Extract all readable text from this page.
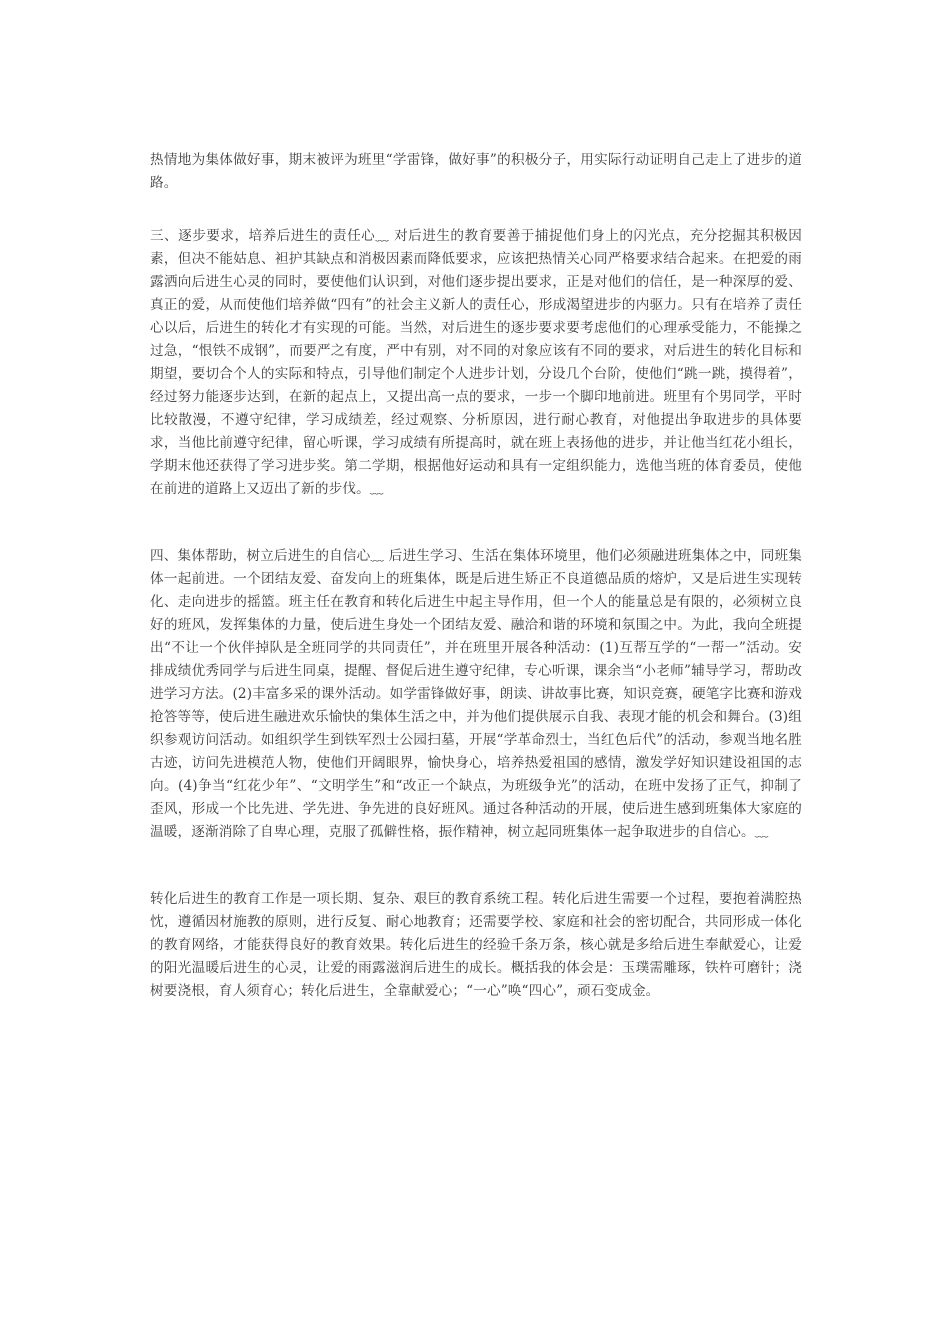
热情地为集体做好事，期末被评为班里“学雷锋，做好事”的积极分子，用实际行动证明自己走上了进步的道路。

三、逐步要求，培养后进生的责任心﹏ 对后进生的教育要善于捕捉他们身上的闪光点，充分挖掘其积极因素，但决不能姑息、袒护其缺点和消极因素而降低要求，应该把热情关心同严格要求结合起来。在把爱的雨露洒向后进生心灵的同时，要使他们认识到，对他们逐步提出要求，正是对他们的信任，是一种深厚的爱、真正的爱，从而使他们培养做“四有”的社会主义新人的责任心，形成渴望进步的内驱力。只有在培养了责任心以后，后进生的转化才有实现的可能。当然，对后进生的逐步要求要考虑他们的心理承受能力，不能操之过急，“恨铁不成钢”，而要严之有度，严中有别，对不同的对象应该有不同的要求，对后进生的转化目标和期望，要切合个人的实际和特点，引导他们制定个人进步计划，分设几个台阶，使他们“跳一跳，摸得着”，经过努力能逐步达到，在新的起点上，又提出高一点的要求，一步一个脚印地前进。班里有个男同学，平时比较散漫，不遵守纪律，学习成绩差，经过观察、分析原因，进行耐心教育，对他提出争取进步的具体要求，当他比前遵守纪律，留心听课，学习成绩有所提高时，就在班上表扬他的进步，并让他当红花小组长，学期末他还获得了学习进步奖。第二学期，根据他好运动和具有一定组织能力，选他当班的体育委员，使他在前进的道路上又迈出了新的步伐。﹏

四、集体帮助，树立后进生的自信心﹏ 后进生学习、生活在集体环境里，他们必须融进班集体之中，同班集体一起前进。一个团结友爱、奋发向上的班集体，既是后进生矫正不良道德品质的熔炉，又是后进生实现转化、走向进步的摇篮。班主任在教育和转化后进生中起主导作用，但一个人的能量总是有限的，必须树立良好的班风，发挥集体的力量，使后进生身处一个团结友爱、融洽和谐的环境和氛围之中。为此，我向全班提出“不让一个伙伴掉队是全班同学的共同责任”，并在班里开展各种活动：(1)互帮互学的“一帮一”活动。安排成绩优秀同学与后进生同桌，提醒、督促后进生遵守纪律，专心听课，课余当“小老师”辅导学习，帮助改进学习方法。(2)丰富多采的课外活动。如学雷锋做好事，朗读、讲故事比赛，知识竞赛，硬笔字比赛和游戏抢答等等，使后进生融进欢乐愉快的集体生活之中，并为他们提供展示自我、表现才能的机会和舞台。(3)组织参观访问活动。如组织学生到铁军烈士公园扫墓，开展“学革命烈士，当红色后代”的活动，参观当地名胜古迹，访问先进模范人物，使他们开阔眼界，愉快身心，培养热爱祖国的感情，激发学好知识建设祖国的志向。(4)争当“红花少年”、“文明学生”和“改正一个缺点，为班级争光”的活动，在班中发扬了正气，抑制了歪风，形成一个比先进、学先进、争先进的良好班风。通过各种活动的开展，使后进生感到班集体大家庭的温暖，逐渐消除了自卑心理，克服了孤僻性格，振作精神，树立起同班集体一起争取进步的自信心。﹏

转化后进生的教育工作是一项长期、复杂、艰巨的教育系统工程。转化后进生需要一个过程，要抱着满腔热忱，遵循因材施教的原则，进行反复、耐心地教育；还需要学校、家庭和社会的密切配合，共同形成一体化的教育网络，才能获得良好的教育效果。转化后进生的经验千条万条，核心就是多给后进生奉献爱心，让爱的阳光温暖后进生的心灵，让爱的雨露滋润后进生的成长。概括我的体会是：玉璞需雕琢，铁杵可磨针；浇树要浇根，育人须育心；转化后进生，全靠献爱心；“一心”唤“四心”，顽石变成金。
